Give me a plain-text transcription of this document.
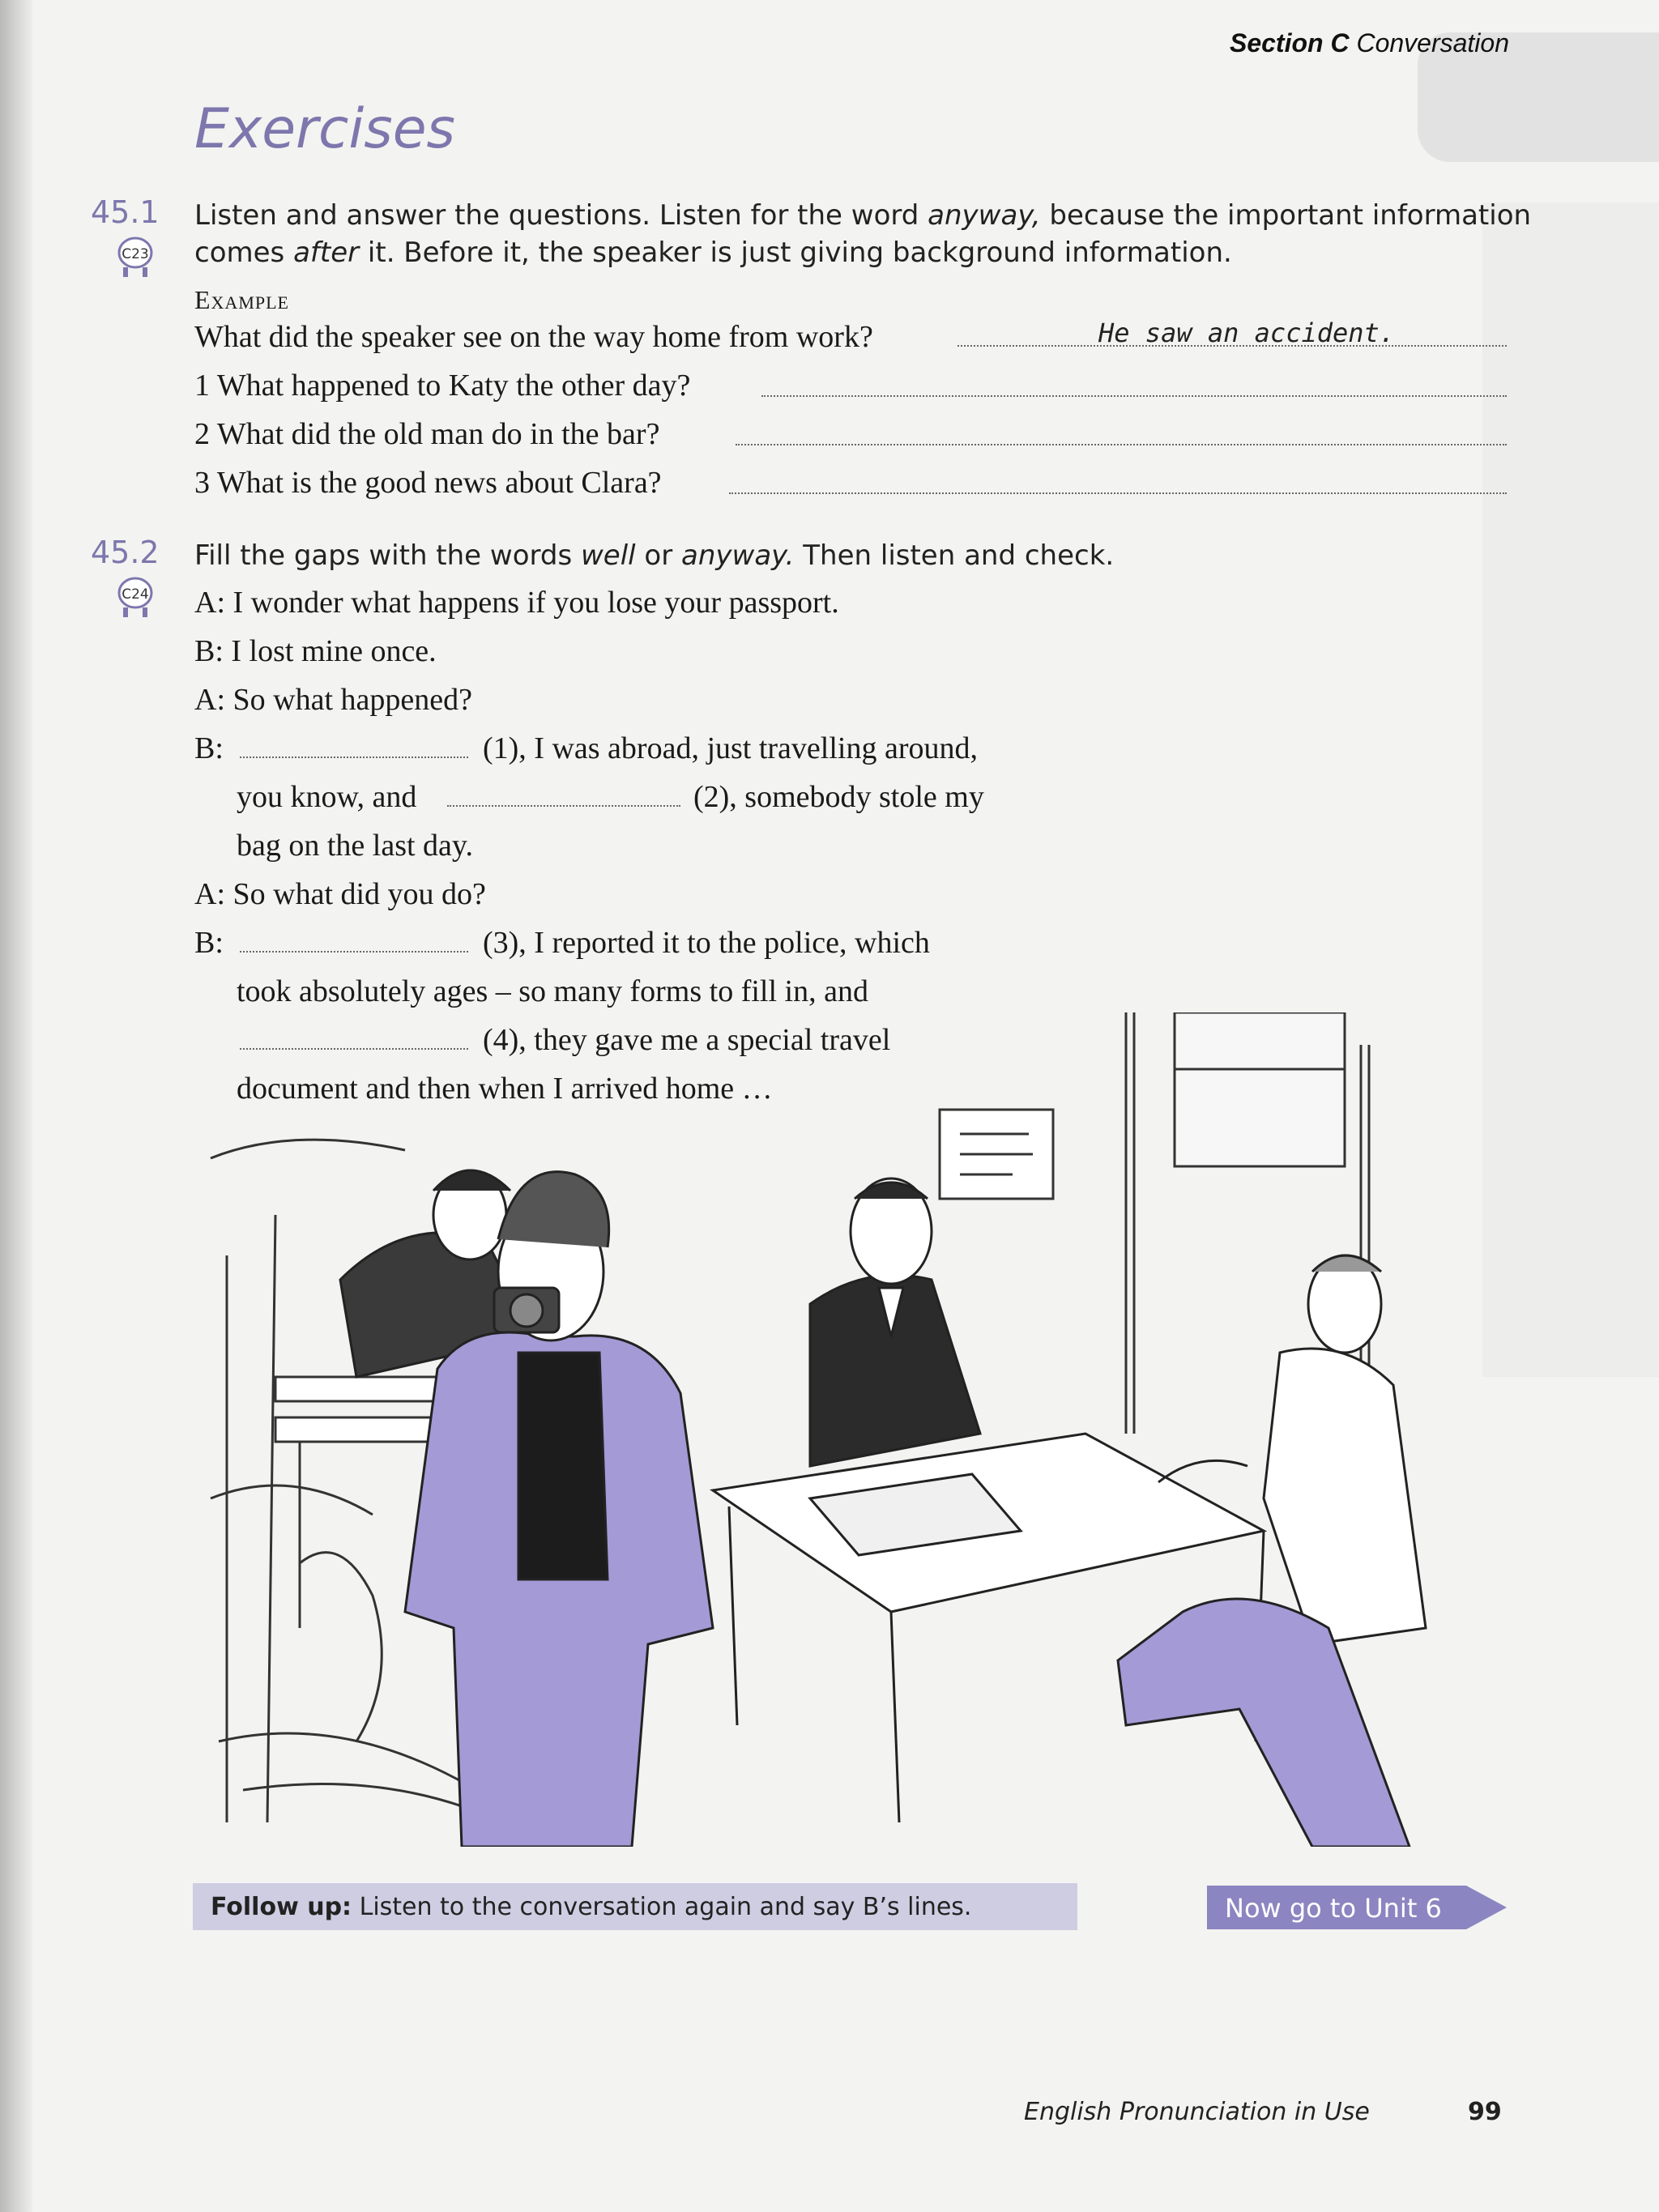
Section C Conversation
Exercises
45.1
C23
Listen and answer the questions. Listen for the word anyway, because the important information
comes after it. Before it, the speaker is just giving background information.
Example
What did the speaker see on the way home from work?	He saw an accident.
1 What happened to Katy the other day?
2 What did the old man do in the bar?
3 What is the good news about Clara?
45.2
C24
Fill the gaps with the words well or anyway. Then listen and check.
A: I wonder what happens if you lose your passport.
B: I lost mine once.
A: So what happened?
B:	(1), I was abroad, just travelling around,
you know, and	(2), somebody stole my
bag on the last day.
A: So what did you do?
B:	(3), I reported it to the police, which
took absolutely ages – so many forms to fill in, and
(4), they gave me a special travel
document and then when I arrived home …
Follow up: Listen to the conversation again and say B’s lines.	Now go to Unit 6
English Pronunciation in Use	99
